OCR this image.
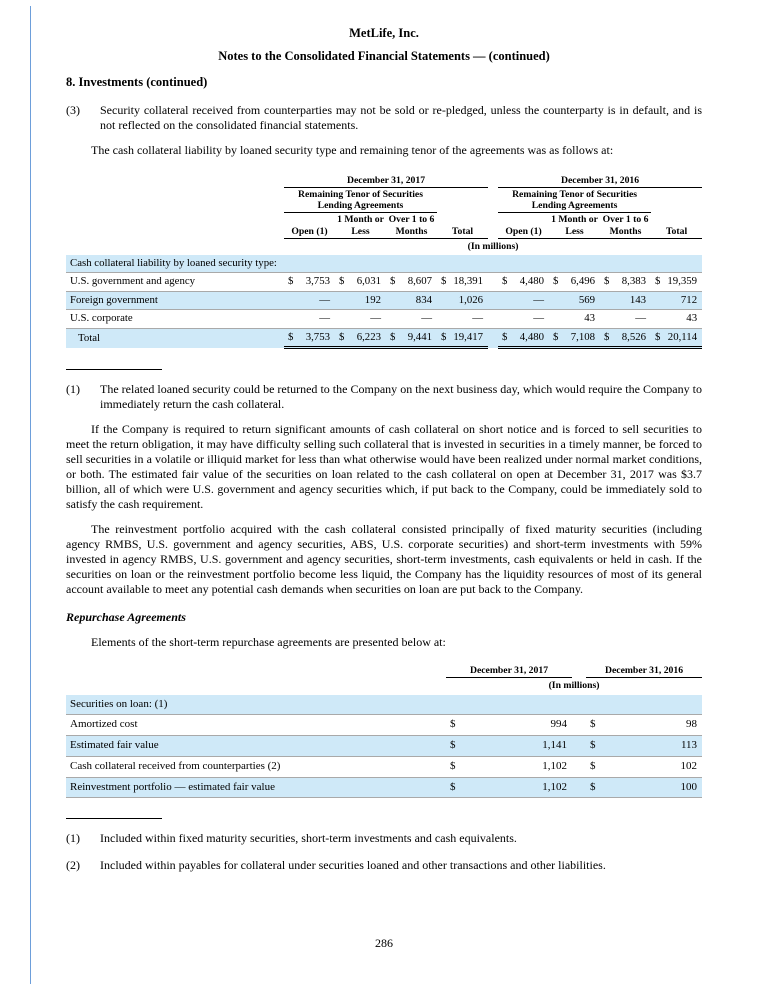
MetLife, Inc.
Notes to the Consolidated Financial Statements — (continued)
8. Investments (continued)
(3)	Security collateral received from counterparties may not be sold or re-pledged, unless the counterparty is in default, and is not reflected on the consolidated financial statements.

The cash collateral liability by loaned security type and remaining tenor of the agreements was as follows at:

	December 31, 2017					December 31, 2016			
	Remaining Tenor of Securities Lending Agreements					Remaining Tenor of Securities Lending Agreements			
	Open (1)	1 Month or Less	Over 1 to 6 Months	Total		Open (1)	1 Month or Less	Over 1 to 6 Months	Total
	(In millions)								
Cash collateral liability by loaned security type:									
U.S. government and agency	$ 3,753	$ 6,031	$ 8,607	$ 18,391		$ 4,480	$ 6,496	$ 8,383	$ 19,359
Foreign government	—	192	834	1,026		—	569	143	712
U.S. corporate	—	—	—	—		—	43	—	43
Total	$ 3,753	$ 6,223	$ 9,441	$ 19,417		$ 4,480	$ 7,108	$ 8,526	$ 20,114
(1)	The related loaned security could be returned to the Company on the next business day, which would require the Company to immediately return the cash collateral.

If the Company is required to return significant amounts of cash collateral on short notice and is forced to sell securities to meet the return obligation, it may have difficulty selling such collateral that is invested in securities in a timely manner, be forced to sell securities in a volatile or illiquid market for less than what otherwise would have been realized under normal market conditions, or both. The estimated fair value of the securities on loan related to the cash collateral on open at December 31, 2017 was $3.7 billion, all of which were U.S. government and agency securities which, if put back to the Company, could be immediately sold to satisfy the cash requirement.

The reinvestment portfolio acquired with the cash collateral consisted principally of fixed maturity securities (including agency RMBS, U.S. government and agency securities, ABS, U.S. corporate securities) and short-term investments with 59% invested in agency RMBS, U.S. government and agency securities, short-term investments, cash equivalents or held in cash. If the securities on loan or the reinvestment portfolio become less liquid, the Company has the liquidity resources of most of its general account available to meet any potential cash demands when securities on loan are put back to the Company.

Repurchase Agreements

Elements of the short-term repurchase agreements are presented below at:

	December 31, 2017			December 31, 2016	
	(In millions)				
Securities on loan: (1)					
Amortized cost	$	994		$	98
Estimated fair value	$	1,141		$	113
Cash collateral received from counterparties (2)	$	1,102		$	102
Reinvestment portfolio — estimated fair value	$	1,102		$	100
(1)	Included within fixed maturity securities, short-term investments and cash equivalents.
(2)	Included within payables for collateral under securities loaned and other transactions and other liabilities.
286
